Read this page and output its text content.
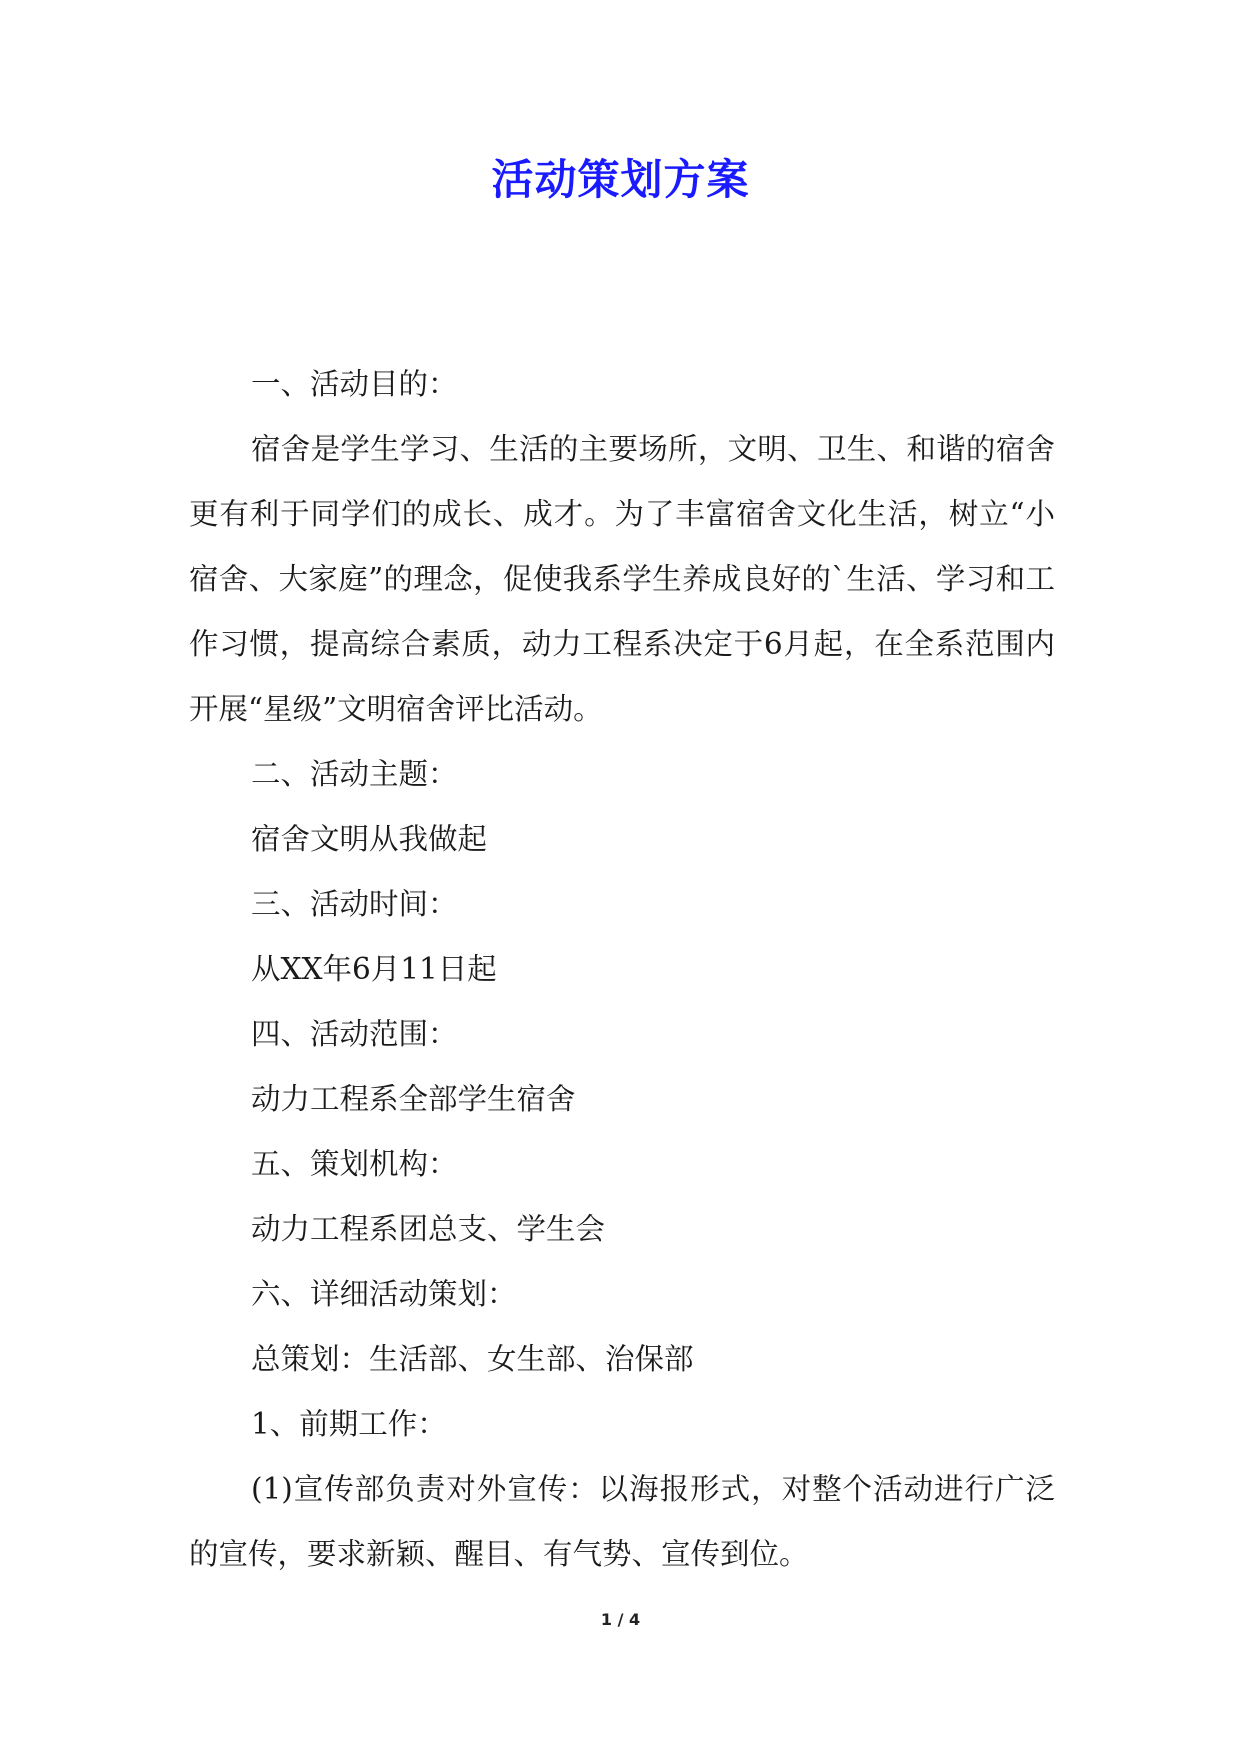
活动策划方案

一、活动目的：

宿舍是学生学习、生活的主要场所，文明、卫生、和谐的宿舍更有利于同学们的成长、成才。为了丰富宿舍文化生活，树立“小宿舍、大家庭”的理念，促使我系学生养成良好的`生活、学习和工作习惯，提高综合素质，动力工程系决定于6月起，在全系范围内开展“星级”文明宿舍评比活动。

二、活动主题：

宿舍文明从我做起

三、活动时间：

从XX年6月11日起

四、活动范围：

动力工程系全部学生宿舍

五、策划机构：

动力工程系团总支、学生会

六、详细活动策划：

总策划：生活部、女生部、治保部

1、前期工作：

(1)宣传部负责对外宣传：以海报形式，对整个活动进行广泛的宣传，要求新颖、醒目、有气势、宣传到位。

1 / 4
